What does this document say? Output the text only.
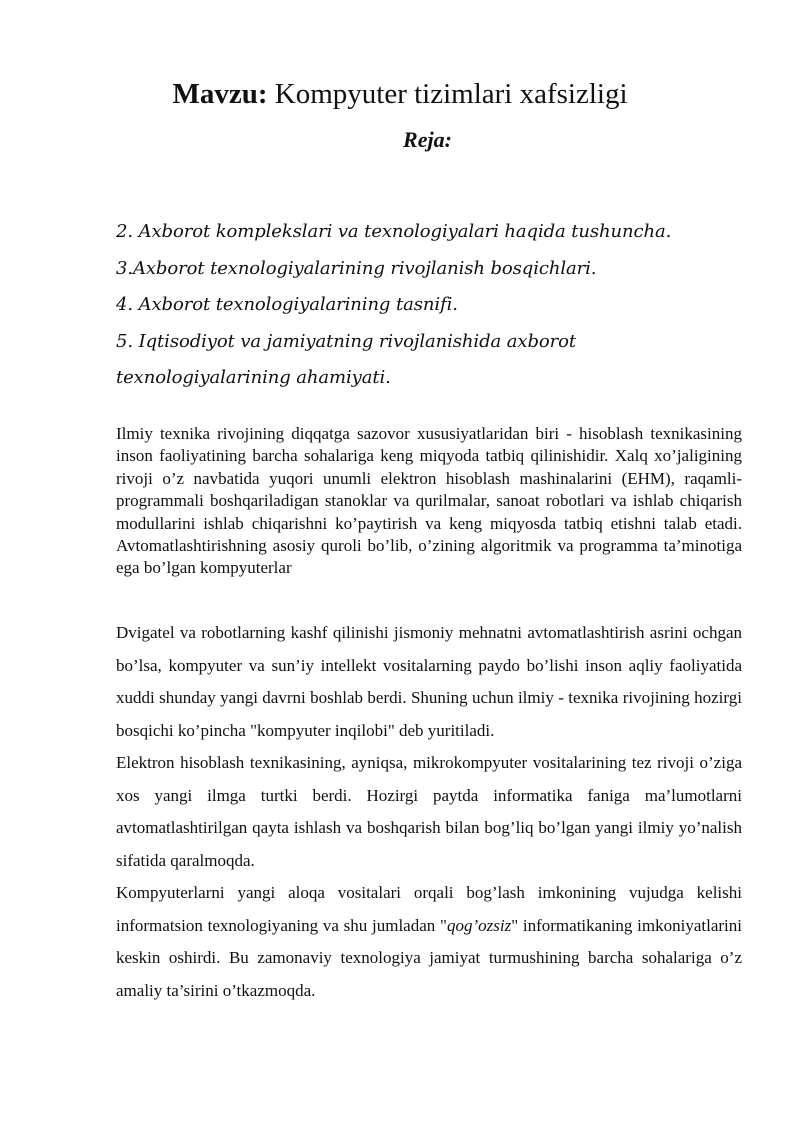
Mavzu: Kompyuter tizimlari xafsizligi
Reja:
2. Axborot komplekslari va texnologiyalari haqida tushuncha.
3.Axborot texnologiyalarining rivojlanish bosqichlari.
4. Axborot texnologiyalarining tasnifi.
5. Iqtisodiyot va jamiyatning rivojlanishida axborot texnologiyalarining ahamiyati.
Ilmiy texnika rivojining diqqatga sazovor xususiyatlaridan biri - hisoblash texnikasining inson faoliyatining barcha sohalariga keng miqyoda tatbiq qilinishidir. Xalq xo’jaligining rivoji o’z navbatida yuqori unumli elektron hisoblash mashinalarini (EHM), raqamli-programmali boshqariladigan stanoklar va qurilmalar, sanoat robotlari va ishlab chiqarish modullarini ishlab chiqarishni ko’paytirish va keng miqyosda tatbiq etishni talab etadi. Avtomatlashtirishning asosiy quroli bo’lib, o’zining algoritmik va programma ta’minotiga ega bo’lgan kompyuterlar

Dvigatel va robotlarning kashf qilinishi jismoniy mehnatni avtomatlashtirish asrini ochgan bo’lsa, kompyuter va sun’iy intellekt vositalarning paydo bo’lishi inson aqliy faoliyatida xuddi shunday yangi davrni boshlab berdi. Shuning uchun ilmiy - texnika rivojining hozirgi bosqichi ko’pincha "kompyuter inqilobi" deb yuritiladi.

Elektron hisoblash texnikasining, ayniqsa, mikrokompyuter vositalarining tez rivoji o’ziga xos yangi ilmga turtki berdi. Hozirgi paytda informatika faniga ma’lumotlarni avtomatlashtirilgan qayta ishlash va boshqarish bilan bog’liq bo’lgan yangi ilmiy yo’nalish sifatida qaralmoqda.

Kompyuterlarni yangi aloqa vositalari orqali bog’lash imkonining vujudga kelishi informatsion texnologiyaning va shu jumladan "qog’ozsiz" informatikaning imkoniyatlarini keskin oshirdi. Bu zamonaviy texnologiya jamiyat turmushining barcha sohalariga o’z amaliy ta’sirini o’tkazmoqda.
